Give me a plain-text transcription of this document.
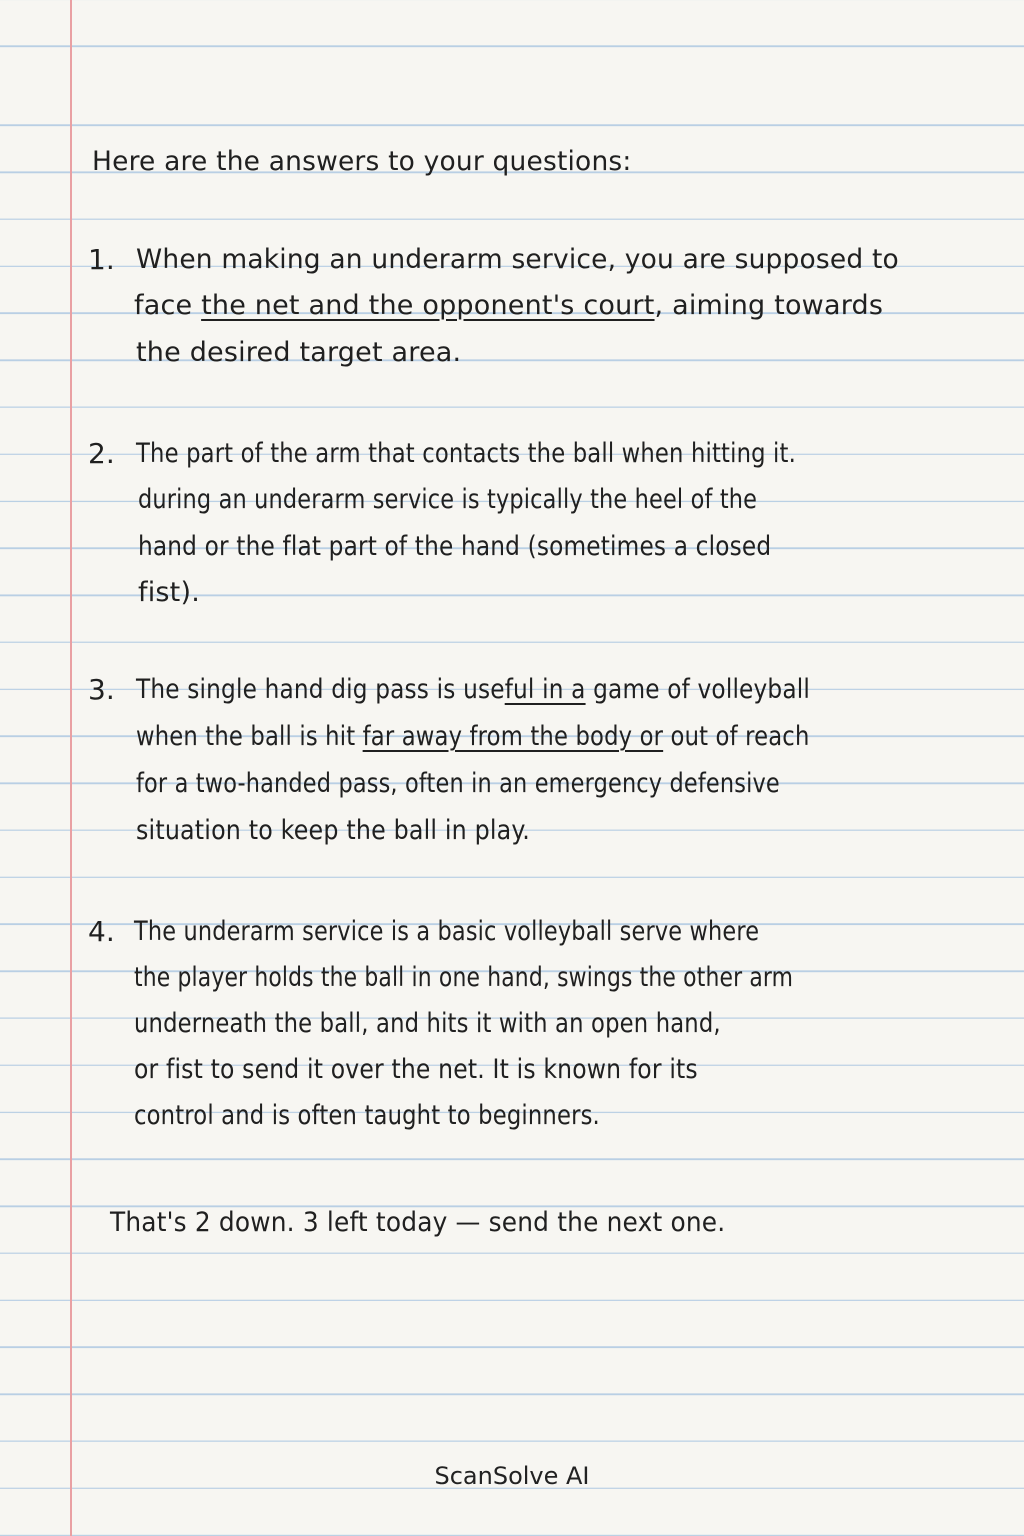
Here are the answers to your questions:
1. When making an underarm service, you are supposed to
face the net and the opponent's court, aiming towards
the desired target area.
2. The part of the arm that contacts the ball when hitting it.
during an underarm service is typically the heel of the
hand or the flat part of the hand (sometimes a closed
fist).
3. The single hand dig pass is useful in a game of volleyball
when the ball is hit far away from the body or out of reach
for a two-handed pass, often in an emergency defensive
situation to keep the ball in play.
4. The underarm service is a basic volleyball serve where
the player holds the ball in one hand, swings the other arm
underneath the ball, and hits it with an open hand,
or fist to send it over the net. It is known for its
control and is often taught to beginners.
That's 2 down. 3 left today — send the next one.
ScanSolve AI
